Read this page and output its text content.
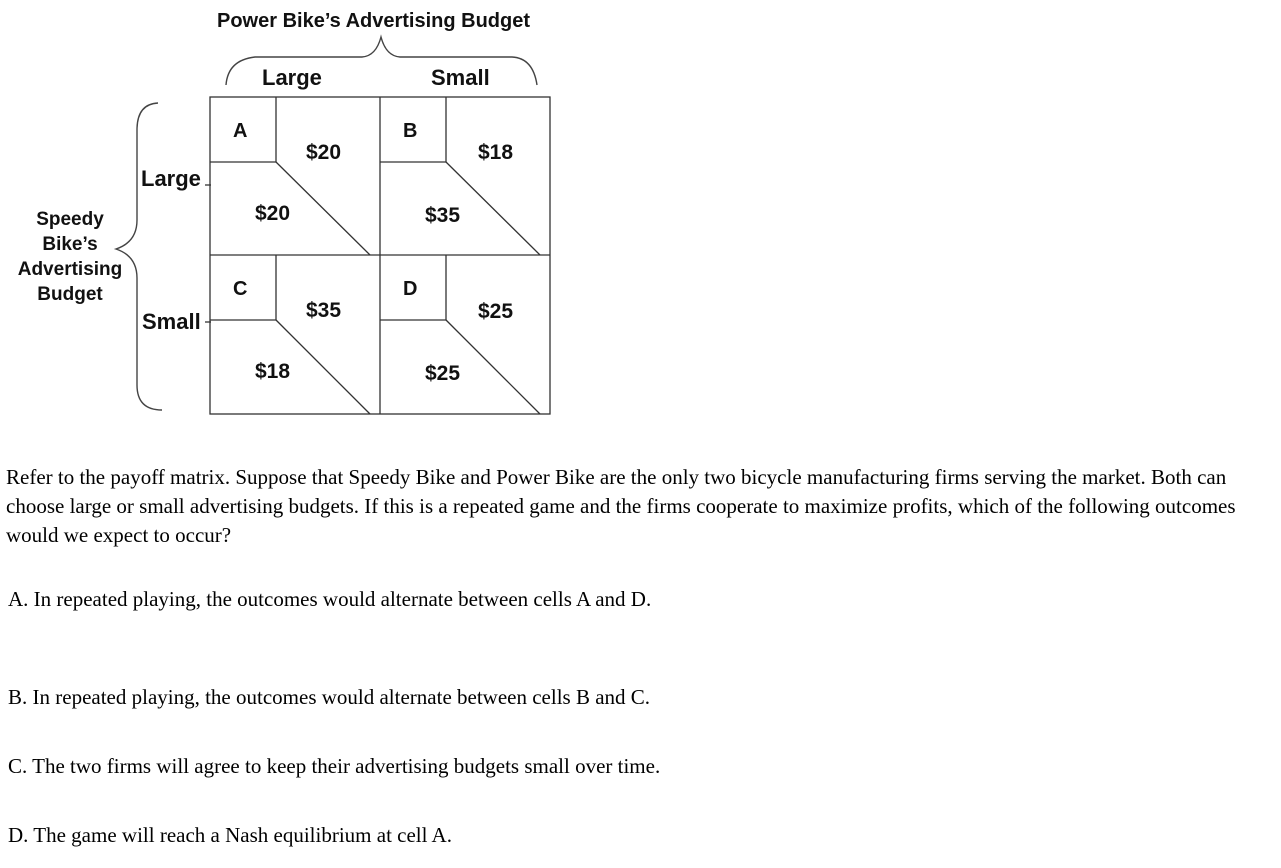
Power Bike’s Advertising Budget
Large	Small
Large
Small
Speedy
Bike’s
Advertising
Budget
A
$20
$20
B
$18
$35
C
$35
$18
D
$25
$25
Refer to the payoff matrix. Suppose that Speedy Bike and Power Bike are the only two bicycle manufacturing firms serving the market. Both can choose large or small advertising budgets. If this is a repeated game and the firms cooperate to maximize profits, which of the following outcomes would we expect to occur?
A. In repeated playing, the outcomes would alternate between cells A and D.
B. In repeated playing, the outcomes would alternate between cells B and C.
C. The two firms will agree to keep their advertising budgets small over time.
D. The game will reach a Nash equilibrium at cell A.
